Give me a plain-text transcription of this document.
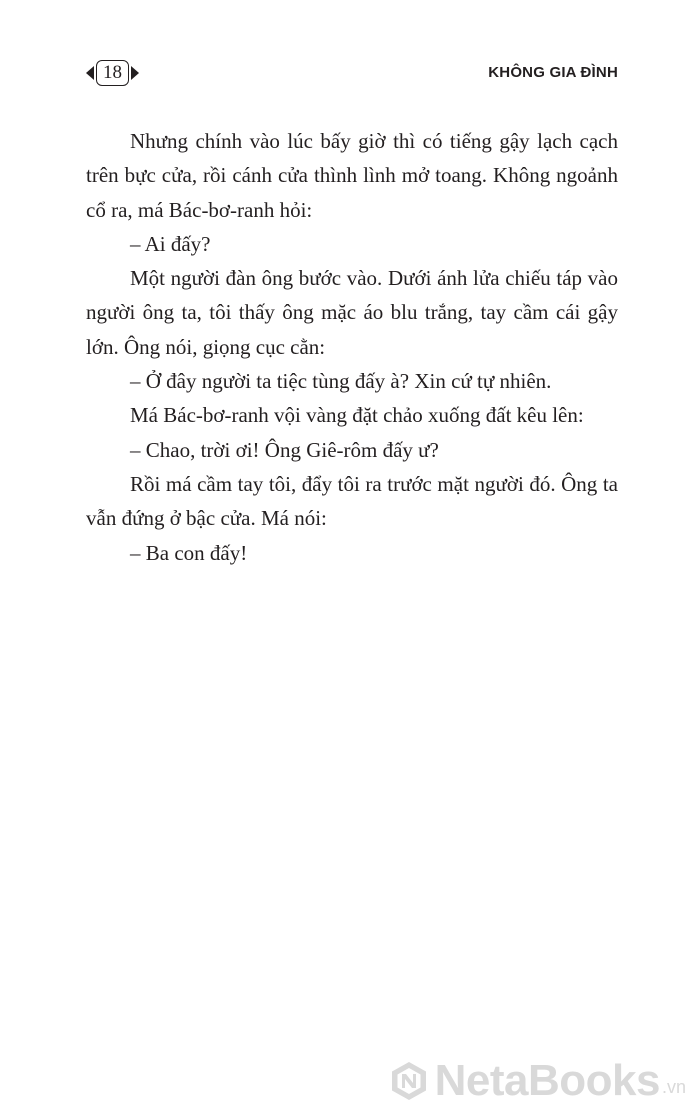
18	KHÔNG GIA ĐÌNH

Nhưng chính vào lúc bấy giờ thì có tiếng gậy lạch cạch trên bực cửa, rồi cánh cửa thình lình mở toang. Không ngoảnh cổ ra, má Bác-bơ-ranh hỏi:

– Ai đấy?

Một người đàn ông bước vào. Dưới ánh lửa chiếu táp vào người ông ta, tôi thấy ông mặc áo blu trắng, tay cầm cái gậy lớn. Ông nói, giọng cục cằn:

– Ở đây người ta tiệc tùng đấy à? Xin cứ tự nhiên.

Má Bác-bơ-ranh vội vàng đặt chảo xuống đất kêu lên:

– Chao, trời ơi! Ông Giê-rôm đấy ư?

Rồi má cầm tay tôi, đẩy tôi ra trước mặt người đó. Ông ta vẫn đứng ở bậc cửa. Má nói:

– Ba con đấy!

NetaBooks .vn
